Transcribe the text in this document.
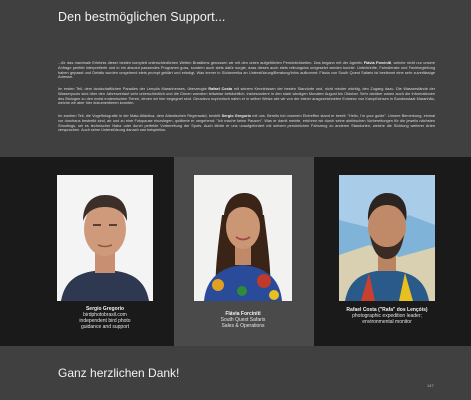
Den bestmöglichen Support...
...für das maximale Erlebnis dieser beiden komplett unterschiedlichen Welten Brasiliens genossen wir mit den unten aufgeführten Persönlichkeiten. Das begann mit der Agentin Flávia Forciniti, welche nicht nur unsere Anfrage perfekt interpretierte und in ein absolut passendes Programm goss, sondern auch stets dafür sorgte, dass dieses auch stets reibungslos umgesetzt werden konnte. Unterkünfte, Fahrdienste und Fachbegleitung haben gepasst und Details wurden umgehend stets prompt geklärt und erledigt. Was immer in Südamerika an Unterstützung/Beratung/Infos aufkommt: Flávia von South Quest Safaris ist bestimmt eine sehr zuverlässige Adresse.
Im ersten Teil, dem landschaftlichen Paradies der Lençóis Maranhenses, überzeugte Rafael Costa mit seinem Kenntnissen der besten Standorte und, nicht minder wichtig, den Zugang dazu. Die Wasserstände der Wasserpools sind über den Jahresverlauf sehr unterschiedlich und die Dünen wandern teilweise beträchtlich, insbesondere in den stark windigen Monaten August bis Oktober. Sehr darüber waren auch die Informationen des Biologen zu den meist endemischen Tieren, denen wir hier begegnet sind. Geradezu euphorisch nahm er in selber Weise wie wir von der bisher ausgezeichneten Existenz von Kampfüchsen in Bundesstaat Maranhão, welche wir aber hier dokumentieren konnten.
Im zweiten Teil, die Vogelfotografie in der Mata Atlântica, dem Atlantischen Regenwald, bestritt Sergio Gregorio mit uns. Bereits bei unserem Eintreffen stand er bereit: "Hello, I'm your guide". Unsere Bemerkung, einmal vor durchaus bestreikt sind, ab und zu eine Fotopause einzulegen, quittierte er umgehend: "Ich mache keine Pausen". Was er damit meinte, erfuhren wir durch seine akribischen Vorbereitungen für die jeweils nächsten Shootings, sei es technischer Natur oder durch perfekte Vorbereitung der Spots. Auch fährte er uns unaufgefordert mit seinem persönlichen Fahrzeug zu anderen Standorten, welche die Sichtung weiterer Arten versprachen. Auch seine Unterstützung danach war beispiellos.
Sergio Gregorio
birdphotobrasil.com
independent bird photo
guidance and support
Flávia Forciniti
South Quest Safaris
Sales & Operations
Rafael Costa ("Rafa" dos Lençóis)
photographic expedition leader;
environmental monitor
Ganz herzlichen Dank!
147
